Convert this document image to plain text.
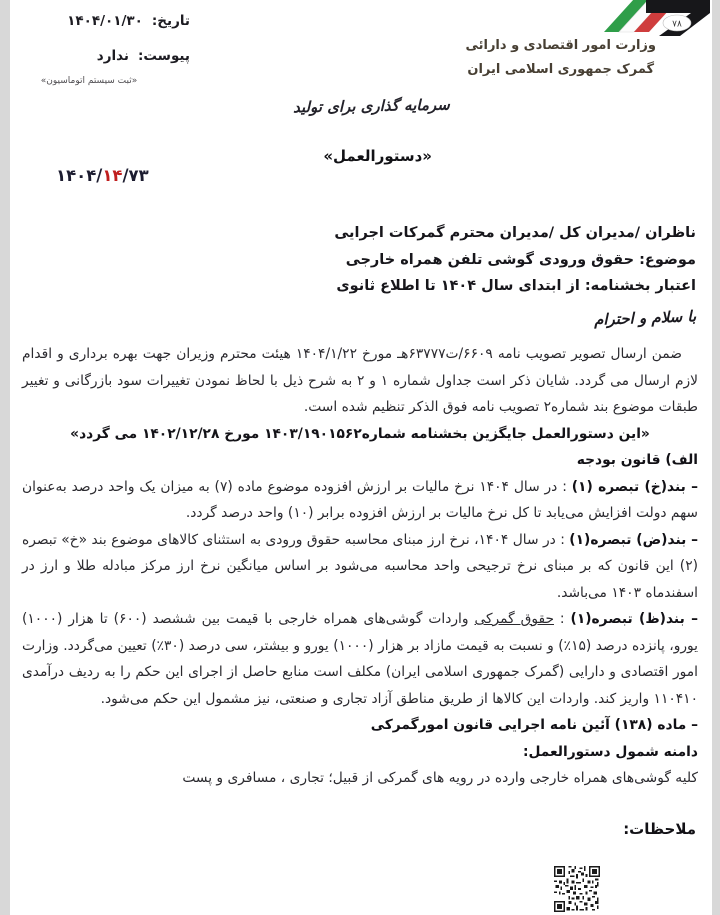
تاریخ:
۱۴۰۴/۰۱/۳۰
پیوست:
ندارد
«ثبت سیستم اتوماسیون»
۷۸
وزارت امور اقتصادی و دارائی
گمرک جمهوری اسلامی ایران
سرمایه گذاری برای تولید
«دستورالعمل»
۱۴۰۴/۱۴/۷۳
ناظران /مدیران کل /مدیران محترم گمرکات اجرایی
موضوع: حقوق ورودی گوشی تلفن همراه خارجی
اعتبار بخشنامه: از ابتدای سال ۱۴۰۴ تا اطلاع ثانوی
با سلام و احترام

ضمن ارسال تصویر تصویب نامه ۶۶۰۹/ت۶۳۷۷۷هـ مورخ ۱۴۰۴/۱/۲۲ هیئت محترم وزیران جهت بهره برداری و اقدام لازم ارسال می گردد. شایان ذکر است جداول شماره ۱ و ۲ به شرح ذیل با لحاظ نمودن تغییرات سود بازرگانی و تغییر طبقات موضوع بند شماره۲ تصویب نامه فوق الذکر تنظیم شده است.

«این دستورالعمل جایگزین بخشنامه شماره۱۴۰۳/۱۹۰۱۵۶۲ مورخ ۱۴۰۲/۱۲/۲۸ می گردد»

الف) قانون بودجه

– بند(خ) تبصره (۱) : در سال ۱۴۰۴ نرخ مالیات بر ارزش افزوده موضوع ماده (۷) به میزان یک واحد درصد به‌عنوان سهم دولت افزایش می‌یابد تا کل نرخ مالیات بر ارزش افزوده برابر (۱۰) واحد درصد گردد.

– بند(ض) تبصره(۱) : در سال ۱۴۰۴، نرخ ارز مبنای محاسبه حقوق ورودی به استثنای کالاهای موضوع بند «خ» تبصره (۲) این قانون که بر مبنای نرخ ترجیحی واحد محاسبه می‌شود بر اساس میانگین نرخ ارز مرکز مبادله طلا و ارز در اسفندماه ۱۴۰۳ می‌باشد.

– بند(ظ) تبصره(۱) : حقوق گمرکی واردات گوشی‌های همراه خارجی با قیمت بین ششصد (۶۰۰) تا هزار (۱۰۰۰) یورو، پانزده درصد (۱۵٪) و نسبت به قیمت مازاد بر هزار (۱۰۰۰) یورو و بیشتر، سی درصد (۳۰٪) تعیین می‌گردد. وزارت امور اقتصادی و دارایی (گمرک جمهوری اسلامی ایران) مکلف است منابع حاصل از اجرای این حکم را به ردیف درآمدی ۱۱۰۴۱۰ واریز کند. واردات این کالاها از طریق مناطق آزاد تجاری و صنعتی، نیز مشمول این حکم می‌شود.

– ماده (۱۳۸) آئین نامه اجرایی قانون امورگمرکی

دامنه شمول دستورالعمل:

کلیه گوشی‌های همراه خارجی وارده در رویه های گمرکی از قبیل؛ تجاری ، مسافری و پست

ملاحظات:
